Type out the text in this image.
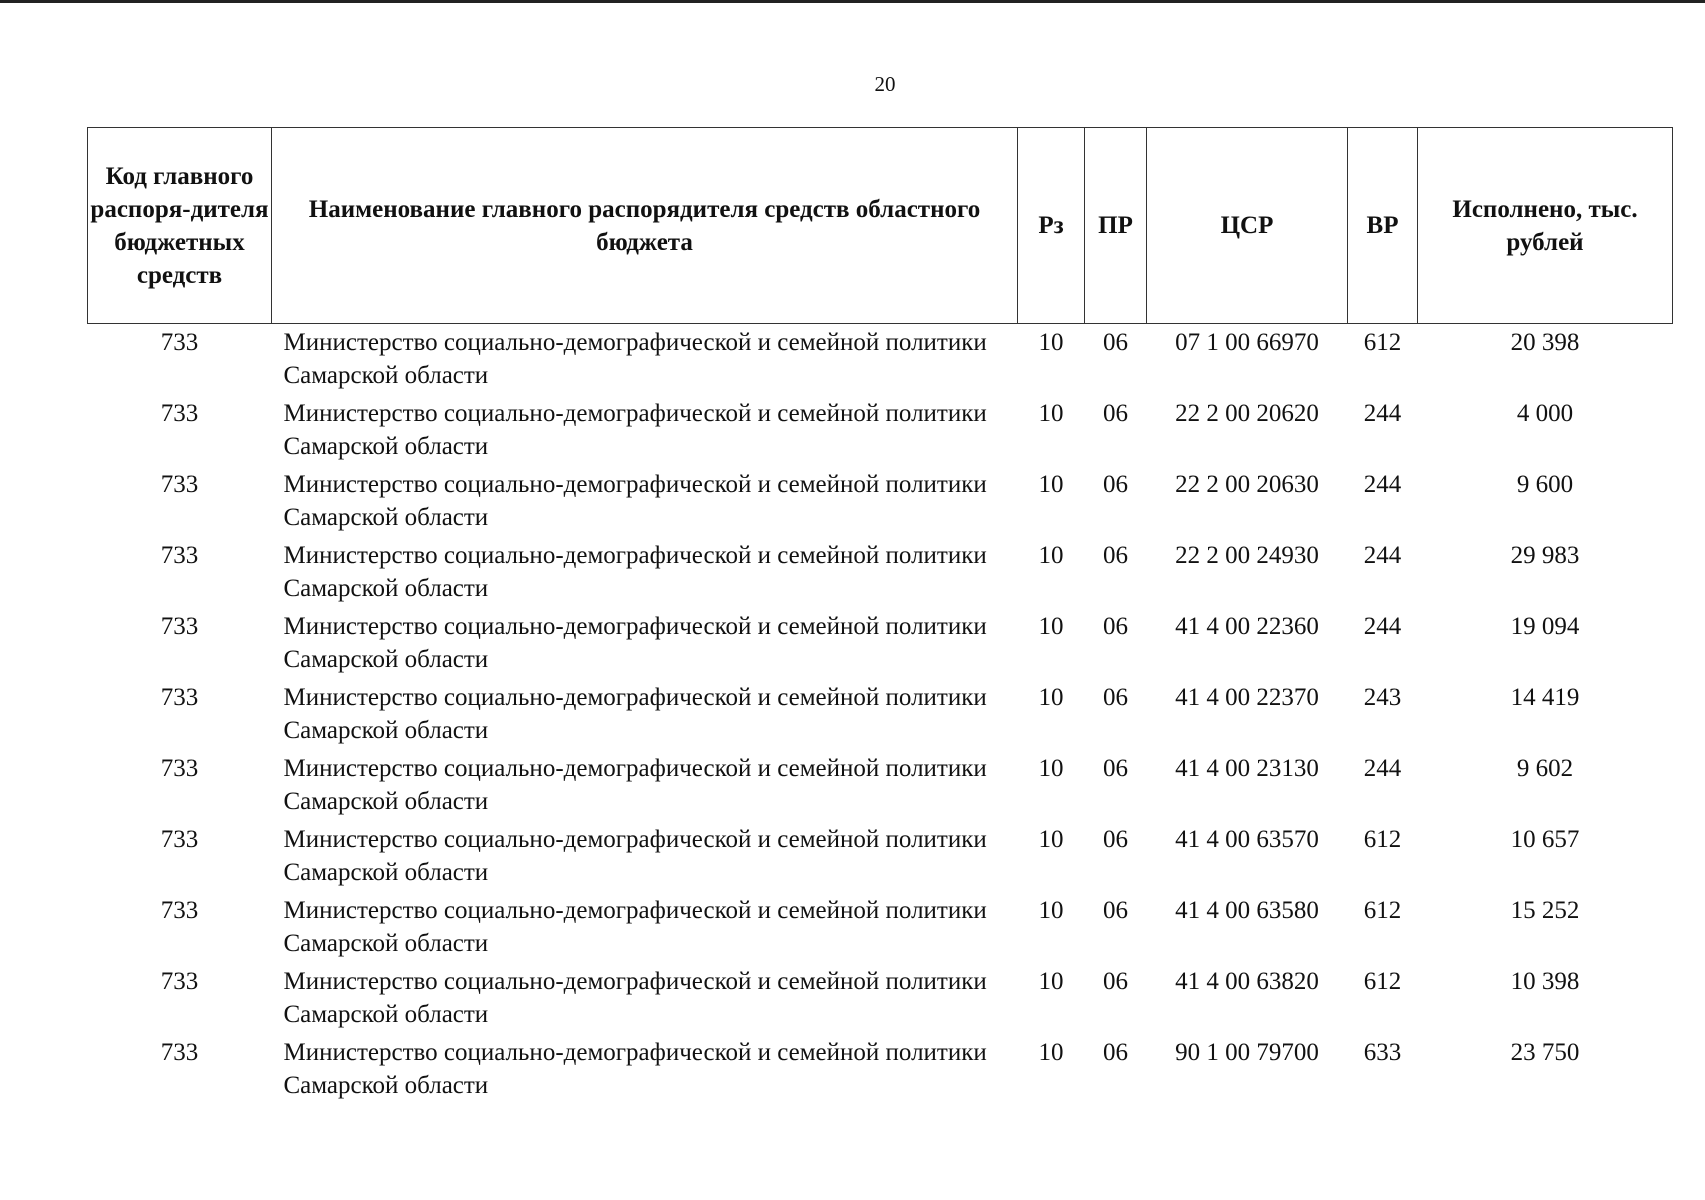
20
Код главного распоря-дителя бюджетных средств	Наименование главного распорядителя средств областного бюджета	Рз	ПР	ЦСР	ВР	Исполнено, тыс. рублей
733	Министерство социально-демографической и семейной политики Самарской области	10	06	07 1 00 66970	612	20 398
733	Министерство социально-демографической и семейной политики Самарской области	10	06	22 2 00 20620	244	4 000
733	Министерство социально-демографической и семейной политики Самарской области	10	06	22 2 00 20630	244	9 600
733	Министерство социально-демографической и семейной политики Самарской области	10	06	22 2 00 24930	244	29 983
733	Министерство социально-демографической и семейной политики Самарской области	10	06	41 4 00 22360	244	19 094
733	Министерство социально-демографической и семейной политики Самарской области	10	06	41 4 00 22370	243	14 419
733	Министерство социально-демографической и семейной политики Самарской области	10	06	41 4 00 23130	244	9 602
733	Министерство социально-демографической и семейной политики Самарской области	10	06	41 4 00 63570	612	10 657
733	Министерство социально-демографической и семейной политики Самарской области	10	06	41 4 00 63580	612	15 252
733	Министерство социально-демографической и семейной политики Самарской области	10	06	41 4 00 63820	612	10 398
733	Министерство социально-демографической и семейной политики Самарской области	10	06	90 1 00 79700	633	23 750
